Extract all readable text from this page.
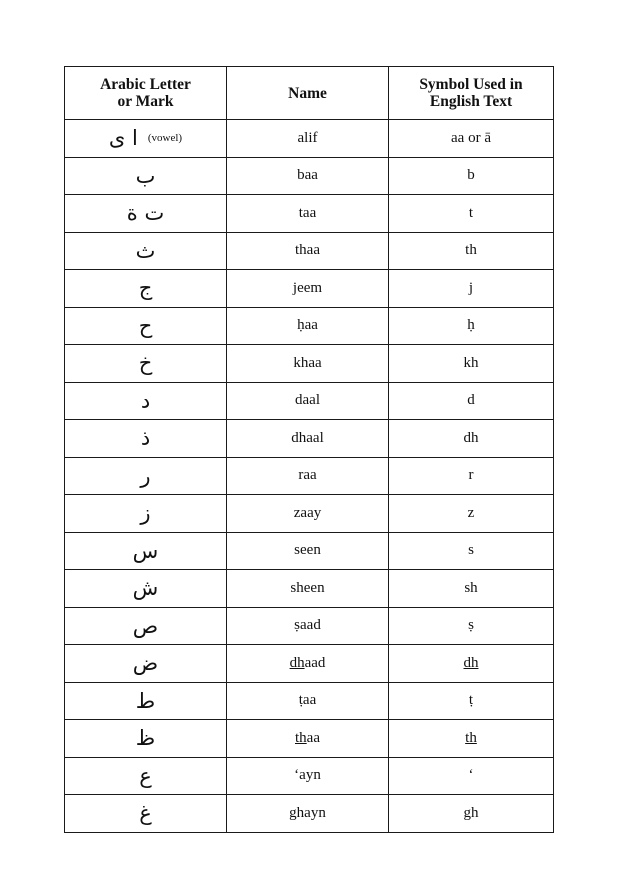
Arabic Letter
or Mark	Name	Symbol Used in
English Text

ا ى (vowel)	alif	aa or ā
ب	baa	b
ت ة	taa	t
ث	thaa	th
ج	jeem	j
ح	ḥaa	ḥ
خ	khaa	kh
د	daal	d
ذ	dhaal	dh
ر	raa	r
ز	zaay	z
س	seen	s
ش	sheen	sh
ص	ṣaad	ṣ
ض	dhaad	dh
ط	ṭaa	ṭ
ظ	thaa	th
ع	‘ayn	‘
غ	ghayn	gh
